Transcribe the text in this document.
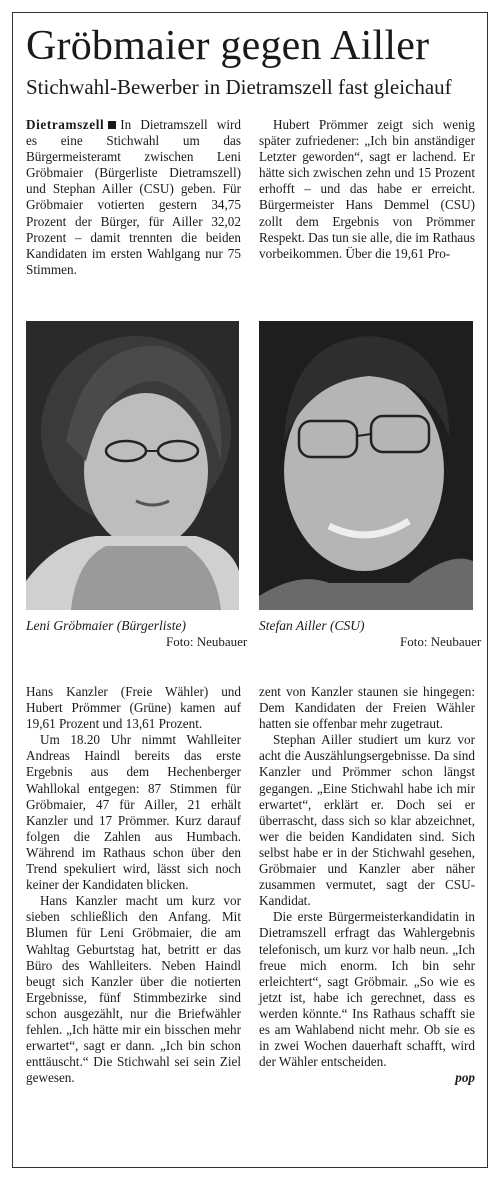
Gröbmaier gegen Ailler
Stichwahl-Bewerber in Dietramszell fast gleichauf

Dietramszell In Dietramszell wird es eine Stichwahl um das Bürgermeisteramt zwischen Leni Gröbmaier (Bürgerliste Dietramszell) und Stephan Ailler (CSU) geben. Für Gröbmaier votierten gestern 34,75 Prozent der Bürger, für Ailler 32,02 Prozent – damit trennten die beiden Kandidaten im ersten Wahlgang nur 75 Stimmen.

Hubert Prömmer zeigt sich wenig später zufriedener: „Ich bin anständiger Letzter geworden“, sagt er lachend. Er hätte sich zwischen zehn und 15 Prozent erhofft – und das habe er erreicht. Bürgermeister Hans Demmel (CSU) zollt dem Ergebnis von Prömmer Respekt. Das tun sie alle, die im Rathaus vorbeikommen. Über die 19,61 Pro-

Leni Gröbmaier (Bürgerliste)
Foto: Neubauer
Stefan Ailler (CSU)
Foto: Neubauer

Hans Kanzler (Freie Wähler) und Hubert Prömmer (Grüne) kamen auf 19,61 Prozent und 13,61 Prozent.

Um 18.20 Uhr nimmt Wahlleiter Andreas Haindl bereits das erste Ergebnis aus dem Hechenberger Wahllokal entgegen: 87 Stimmen für Gröbmaier, 47 für Ailler, 21 erhält Kanzler und 17 Prömmer. Kurz darauf folgen die Zahlen aus Humbach. Während im Rathaus schon über den Trend spekuliert wird, lässt sich noch keiner der Kandidaten blicken.

Hans Kanzler macht um kurz vor sieben schließlich den Anfang. Mit Blumen für Leni Gröbmaier, die am Wahltag Geburtstag hat, betritt er das Büro des Wahlleiters. Neben Haindl beugt sich Kanzler über die notierten Ergebnisse, fünf Stimmbezirke sind schon ausgezählt, nur die Briefwähler fehlen. „Ich hätte mir ein bisschen mehr erwartet“, sagt er dann. „Ich bin schon enttäuscht.“ Die Stichwahl sei sein Ziel gewesen.

zent von Kanzler staunen sie hingegen: Dem Kandidaten der Freien Wähler hatten sie offenbar mehr zugetraut.

Stephan Ailler studiert um kurz vor acht die Auszählungsergebnisse. Da sind Kanzler und Prömmer schon längst gegangen. „Eine Stichwahl habe ich mir erwartet“, erklärt er. Doch sei er überrascht, dass sich so klar abzeichnet, wer die beiden Kandidaten sind. Sich selbst habe er in der Stichwahl gesehen, Gröbmaier und Kanzler aber näher zusammen vermutet, sagt der CSU-Kandidat.

Die erste Bürgermeisterkandidatin in Dietramszell erfragt das Wahlergebnis telefonisch, um kurz vor halb neun. „Ich freue mich enorm. Ich bin sehr erleichtert“, sagt Gröbmair. „So wie es jetzt ist, habe ich gerechnet, dass es werden könnte.“ Ins Rathaus schafft sie es am Wahlabend nicht mehr. Ob sie es in zwei Wochen dauerhaft schafft, wird der Wähler entscheiden.

pop
